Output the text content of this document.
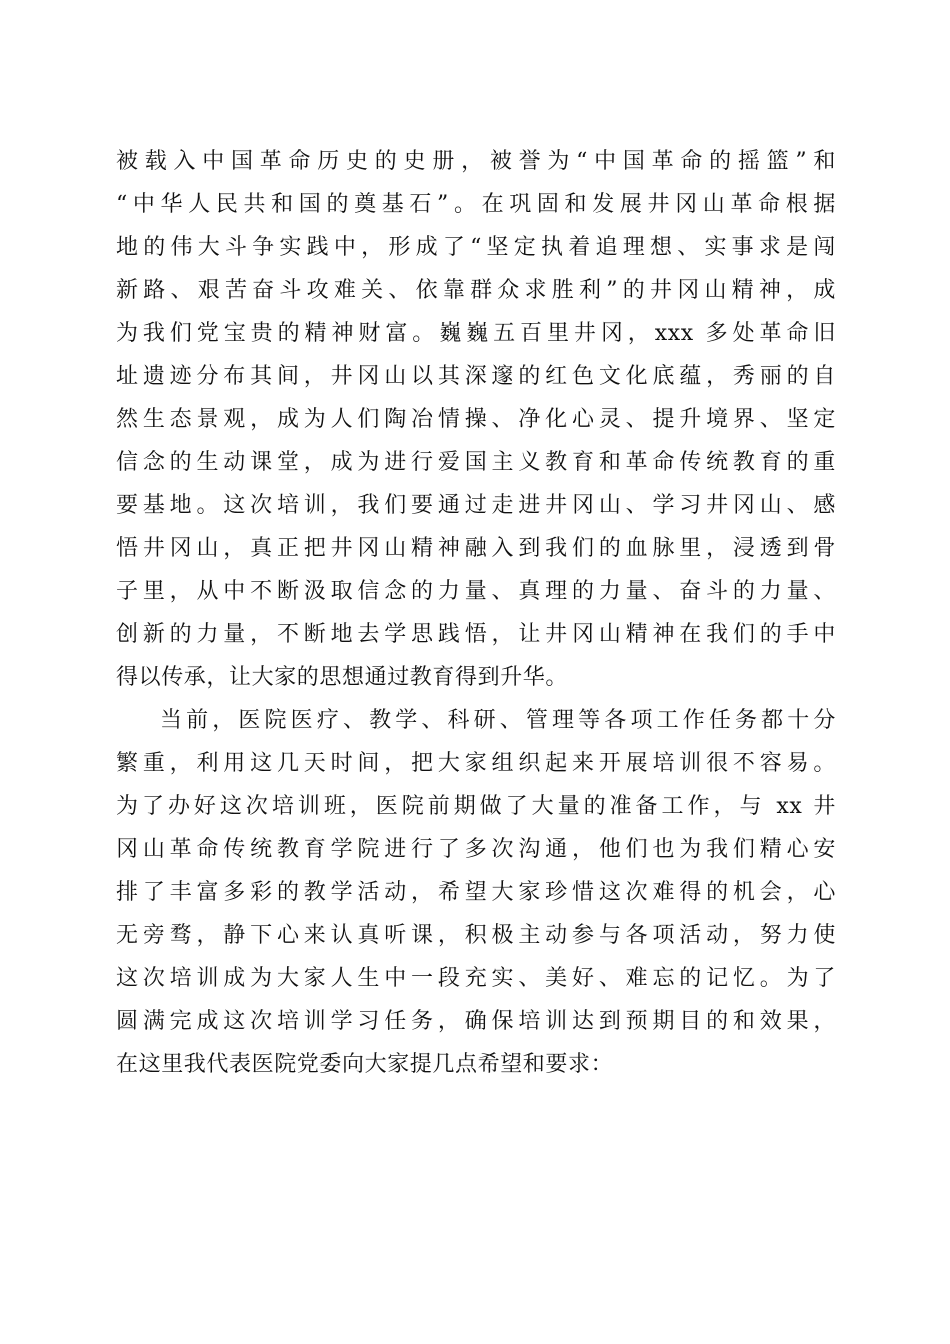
被载入中国革命历史的史册，被誉为“中国革命的摇篮”和
“中华人民共和国的奠基石”。在巩固和发展井冈山革命根据
地的伟大斗争实践中，形成了“坚定执着追理想、实事求是闯
新路、艰苦奋斗攻难关、依靠群众求胜利”的井冈山精神，成
为我们党宝贵的精神财富。巍巍五百里井冈，xxx 多处革命旧
址遗迹分布其间，井冈山以其深邃的红色文化底蕴，秀丽的自
然生态景观，成为人们陶冶情操、净化心灵、提升境界、坚定
信念的生动课堂，成为进行爱国主义教育和革命传统教育的重
要基地。这次培训，我们要通过走进井冈山、学习井冈山、感
悟井冈山，真正把井冈山精神融入到我们的血脉里，浸透到骨
子里，从中不断汲取信念的力量、真理的力量、奋斗的力量、
创新的力量，不断地去学思践悟，让井冈山精神在我们的手中
得以传承，让大家的思想通过教育得到升华。
当前，医院医疗、教学、科研、管理等各项工作任务都十分
繁重，利用这几天时间，把大家组织起来开展培训很不容易。
为了办好这次培训班，医院前期做了大量的准备工作，与 xx 井
冈山革命传统教育学院进行了多次沟通，他们也为我们精心安
排了丰富多彩的教学活动，希望大家珍惜这次难得的机会，心
无旁骛，静下心来认真听课，积极主动参与各项活动，努力使
这次培训成为大家人生中一段充实、美好、难忘的记忆。为了
圆满完成这次培训学习任务，确保培训达到预期目的和效果，
在这里我代表医院党委向大家提几点希望和要求：
